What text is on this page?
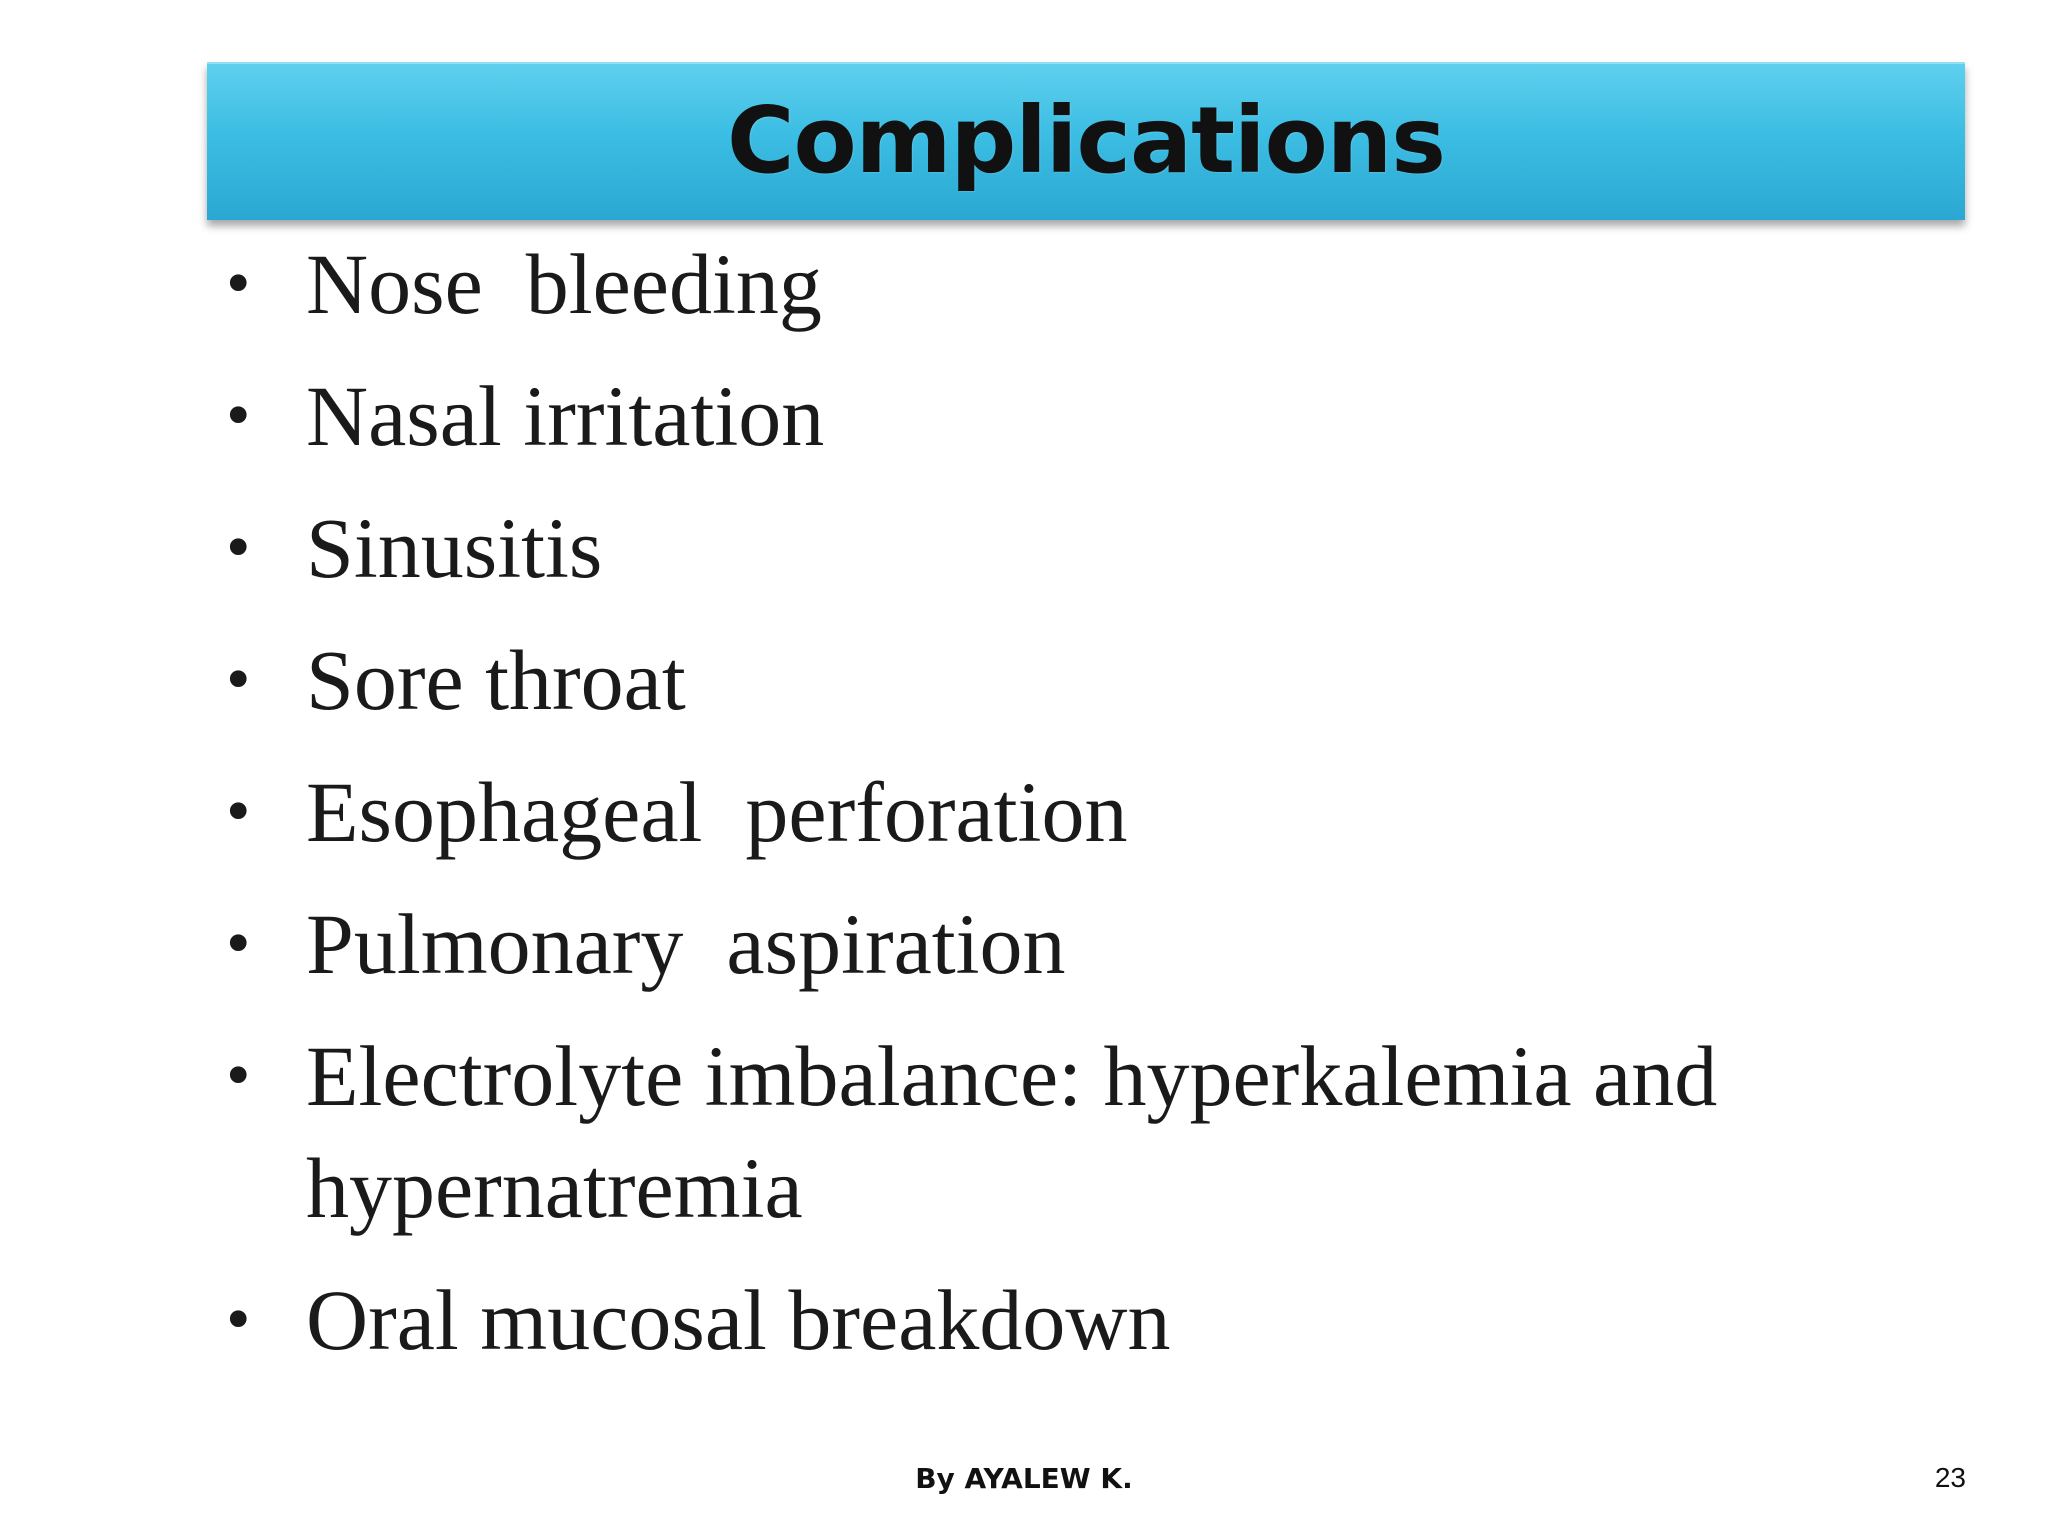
Complications
• Nose  bleeding
• Nasal irritation
• Sinusitis
• Sore throat
• Esophageal  perforation
• Pulmonary  aspiration
• Electrolyte imbalance: hyperkalemia and hypernatremia
• Oral mucosal breakdown
By AYALEW K.	23
